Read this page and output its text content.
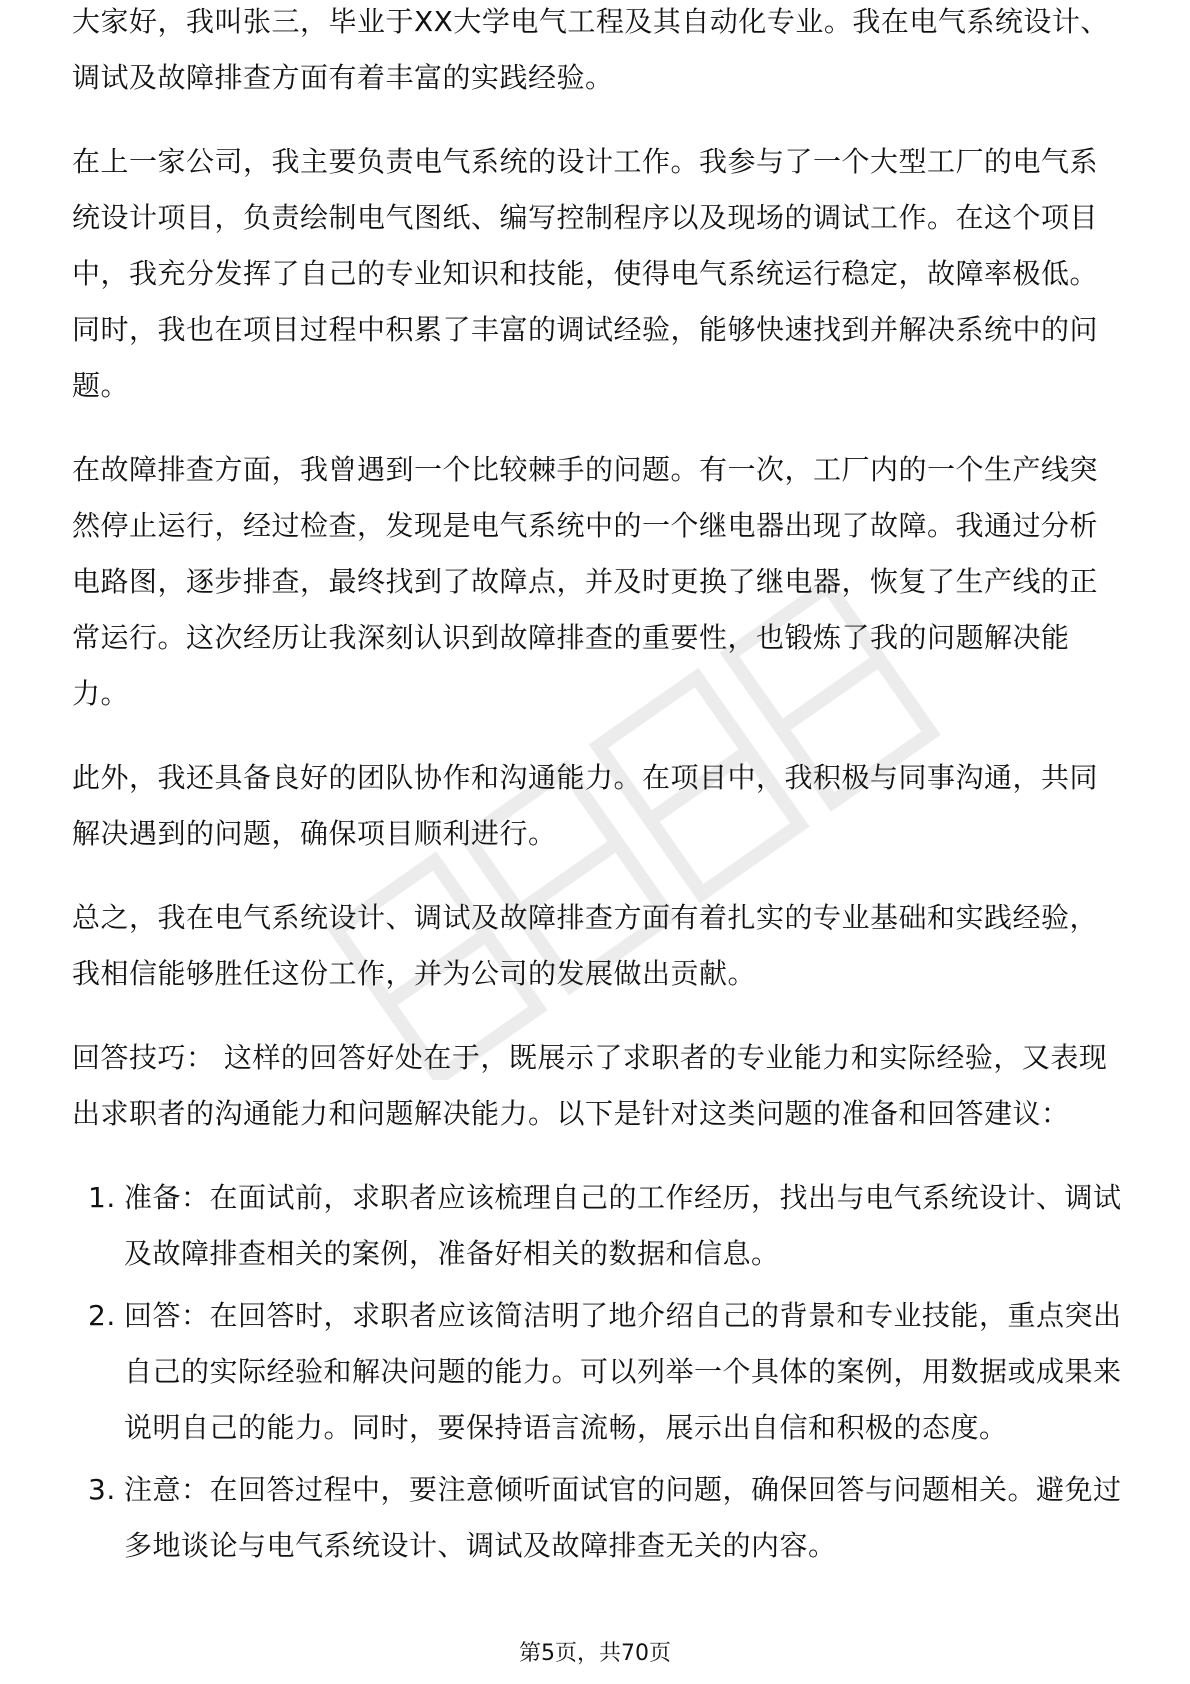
大家好，我叫张三，毕业于XX大学电气工程及其自动化专业。我在电气系统设计、调试及故障排查方面有着丰富的实践经验。

在上一家公司，我主要负责电气系统的设计工作。我参与了一个大型工厂的电气系统设计项目，负责绘制电气图纸、编写控制程序以及现场的调试工作。在这个项目中，我充分发挥了自己的专业知识和技能，使得电气系统运行稳定，故障率极低。同时，我也在项目过程中积累了丰富的调试经验，能够快速找到并解决系统中的问题。

在故障排查方面，我曾遇到一个比较棘手的问题。有一次，工厂内的一个生产线突然停止运行，经过检查，发现是电气系统中的一个继电器出现了故障。我通过分析电路图，逐步排查，最终找到了故障点，并及时更换了继电器，恢复了生产线的正常运行。这次经历让我深刻认识到故障排查的重要性，也锻炼了我的问题解决能力。

此外，我还具备良好的团队协作和沟通能力。在项目中，我积极与同事沟通，共同解决遇到的问题，确保项目顺利进行。

总之，我在电气系统设计、调试及故障排查方面有着扎实的专业基础和实践经验，我相信能够胜任这份工作，并为公司的发展做出贡献。

回答技巧： 这样的回答好处在于，既展示了求职者的专业能力和实际经验，又表现出求职者的沟通能力和问题解决能力。以下是针对这类问题的准备和回答建议：

1. 准备：在面试前，求职者应该梳理自己的工作经历，找出与电气系统设计、调试及故障排查相关的案例，准备好相关的数据和信息。
2. 回答：在回答时，求职者应该简洁明了地介绍自己的背景和专业技能，重点突出自己的实际经验和解决问题的能力。可以列举一个具体的案例，用数据或成果来说明自己的能力。同时，要保持语言流畅，展示出自信和积极的态度。
3. 注意：在回答过程中，要注意倾听面试官的问题，确保回答与问题相关。避免过多地谈论与电气系统设计、调试及故障排查无关的内容。
第5页，共70页
